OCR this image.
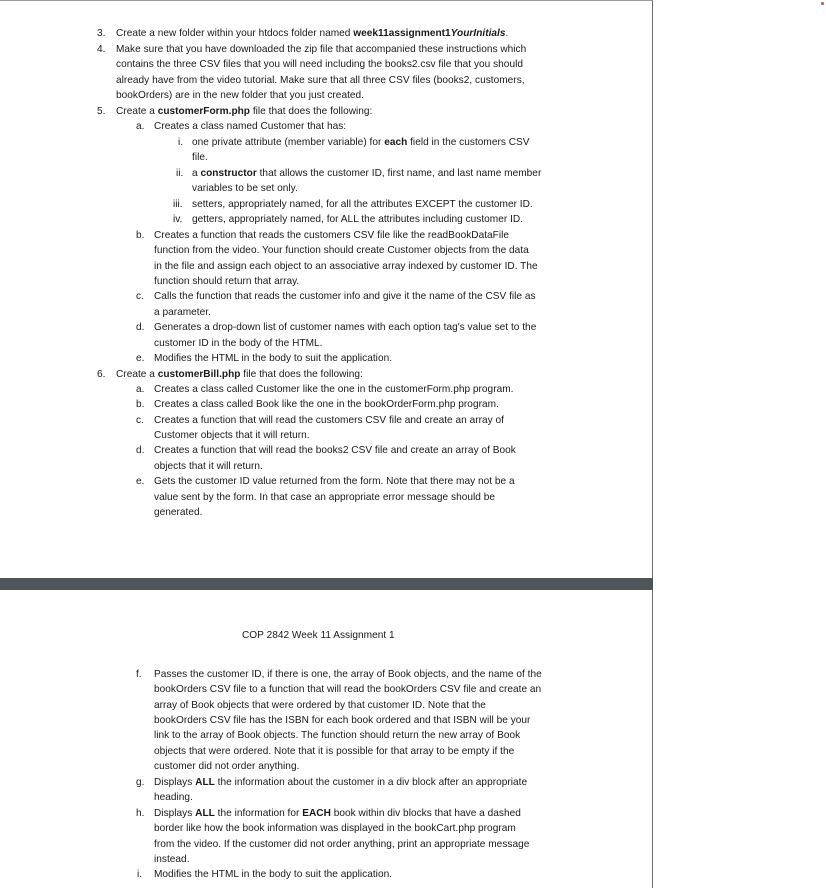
3. Create a new folder within your htdocs folder named week11assignment1YourInitials.
4. Make sure that you have downloaded the zip file that accompanied these instructions which
contains the three CSV files that you will need including the books2.csv file that you should
already have from the video tutorial. Make sure that all three CSV files (books2, customers,
bookOrders) are in the new folder that you just created.
5. Create a customerForm.php file that does the following:
a. Creates a class named Customer that has:
i. one private attribute (member variable) for each field in the customers CSV
file.
ii. a constructor that allows the customer ID, first name, and last name member
variables to be set only.
iii. setters, appropriately named, for all the attributes EXCEPT the customer ID.
iv. getters, appropriately named, for ALL the attributes including customer ID.
b. Creates a function that reads the customers CSV file like the readBookDataFile
function from the video. Your function should create Customer objects from the data
in the file and assign each object to an associative array indexed by customer ID. The
function should return that array.
c. Calls the function that reads the customer info and give it the name of the CSV file as
a parameter.
d. Generates a drop-down list of customer names with each option tag's value set to the
customer ID in the body of the HTML.
e. Modifies the HTML in the body to suit the application.
6. Create a customerBill.php file that does the following:
a. Creates a class called Customer like the one in the customerForm.php program.
b. Creates a class called Book like the one in the bookOrderForm.php program.
c. Creates a function that will read the customers CSV file and create an array of
Customer objects that it will return.
d. Creates a function that will read the books2 CSV file and create an array of Book
objects that it will return.
e. Gets the customer ID value returned from the form. Note that there may not be a
value sent by the form. In that case an appropriate error message should be
generated.
COP 2842 Week 11 Assignment 1
f. Passes the customer ID, if there is one, the array of Book objects, and the name of the
bookOrders CSV file to a function that will read the bookOrders CSV file and create an
array of Book objects that were ordered by that customer ID. Note that the
bookOrders CSV file has the ISBN for each book ordered and that ISBN will be your
link to the array of Book objects. The function should return the new array of Book
objects that were ordered. Note that it is possible for that array to be empty if the
customer did not order anything.
g. Displays ALL the information about the customer in a div block after an appropriate
heading.
h. Displays ALL the information for EACH book within div blocks that have a dashed
border like how the book information was displayed in the bookCart.php program
from the video. If the customer did not order anything, print an appropriate message
instead.
i. Modifies the HTML in the body to suit the application.
